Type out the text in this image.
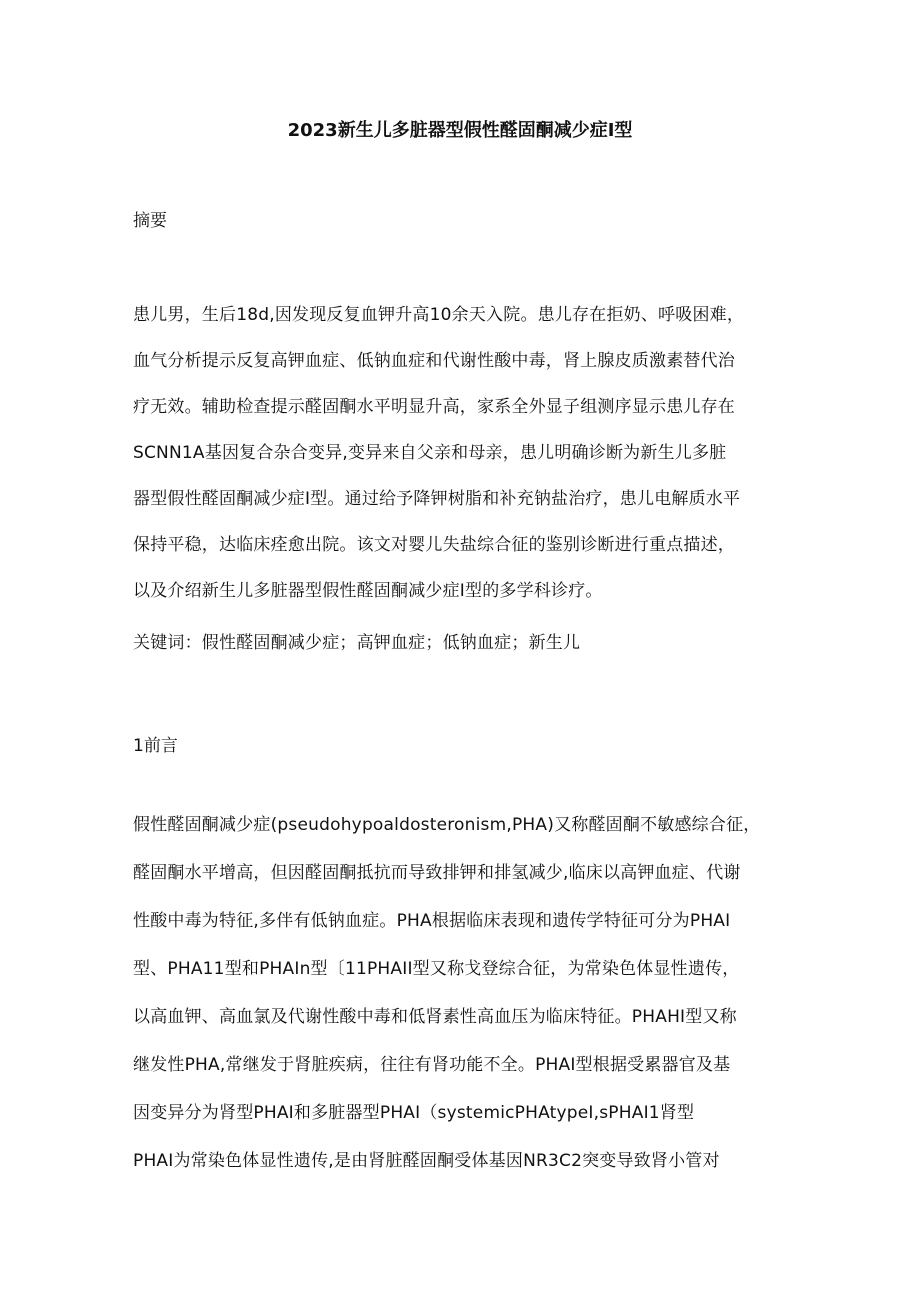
2023新生儿多脏器型假性醛固酮减少症Ⅰ型
摘要
患儿男，生后18d,因发现反复血钾升高10余天入院。患儿存在拒奶、呼吸困难，
血气分析提示反复高钾血症、低钠血症和代谢性酸中毒，肾上腺皮质激素替代治
疗无效。辅助检查提示醛固酮水平明显升高，家系全外显子组测序显示患儿存在
SCNN1A基因复合杂合变异,变异来自父亲和母亲，患儿明确诊断为新生儿多脏
器型假性醛固酮减少症Ⅰ型。通过给予降钾树脂和补充钠盐治疗，患儿电解质水平
保持平稳，达临床痊愈出院。该文对婴儿失盐综合征的鉴别诊断进行重点描述，
以及介绍新生儿多脏器型假性醛固酮减少症Ⅰ型的多学科诊疗。
关键词：假性醛固酮减少症；高钾血症；低钠血症；新生儿
1前言
假性醛固酮减少症(pseudohypoaldosteronism,PHA)又称醛固酮不敏感综合征，
醛固酮水平增高，但因醛固酮抵抗而导致排钾和排氢减少,临床以高钾血症、代谢
性酸中毒为特征,多伴有低钠血症。PHA根据临床表现和遗传学特征可分为PHAI
型、PHA11型和PHAIn型〔11PHAII型又称戈登综合征，为常染色体显性遗传，
以高血钾、高血氯及代谢性酸中毒和低肾素性高血压为临床特征。PHAHI型又称
继发性PHA,常继发于肾脏疾病，往往有肾功能不全。PHAI型根据受累器官及基
因变异分为肾型PHAI和多脏器型PHAI（systemicPHAtypeI,sPHAI1肾型
PHAI为常染色体显性遗传,是由肾脏醛固酮受体基因NR3C2突变导致肾小管对
